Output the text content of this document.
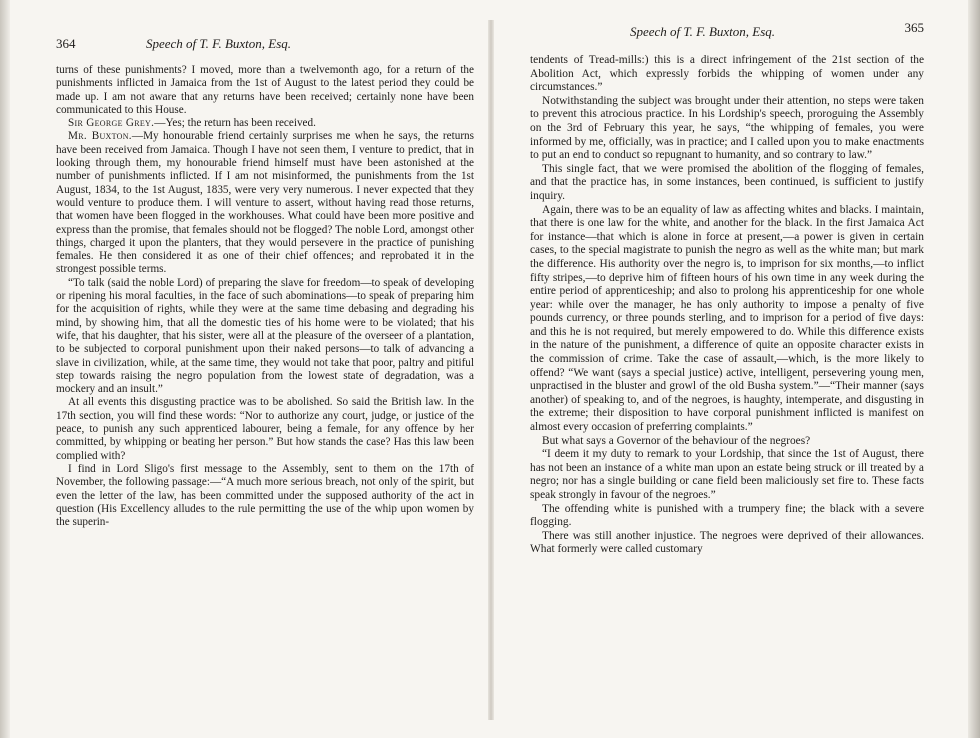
364	Speech of T. F. Buxton, Esq.

turns of these punishments? I moved, more than a twelvemonth ago, for a return of the punishments inflicted in Jamaica from the 1st of August to the latest period they could be made up. I am not aware that any returns have been received; certainly none have been communicated to this House.

Sir George Grey.—Yes; the return has been received.

Mr. Buxton.—My honourable friend certainly surprises me when he says, the returns have been received from Jamaica. Though I have not seen them, I venture to predict, that in looking through them, my honourable friend himself must have been astonished at the number of punishments inflicted. If I am not misinformed, the punishments from the 1st August, 1834, to the 1st August, 1835, were very very numerous. I never expected that they would venture to produce them. I will venture to assert, without having read those returns, that women have been flogged in the workhouses. What could have been more positive and express than the promise, that females should not be flogged? The noble Lord, amongst other things, charged it upon the planters, that they would persevere in the practice of punishing females. He then considered it as one of their chief offences; and reprobated it in the strongest possible terms.

“To talk (said the noble Lord) of preparing the slave for freedom—to speak of developing or ripening his moral faculties, in the face of such abominations—to speak of preparing him for the acquisition of rights, while they were at the same time debasing and degrading his mind, by showing him, that all the domestic ties of his home were to be violated; that his wife, that his daughter, that his sister, were all at the pleasure of the overseer of a plantation, to be subjected to corporal punishment upon their naked persons—to talk of advancing a slave in civilization, while, at the same time, they would not take that poor, paltry and pitiful step towards raising the negro population from the lowest state of degradation, was a mockery and an insult.”

At all events this disgusting practice was to be abolished. So said the British law. In the 17th section, you will find these words: “Nor to authorize any court, judge, or justice of the peace, to punish any such apprenticed labourer, being a female, for any offence by her committed, by whipping or beating her person.” But how stands the case? Has this law been complied with?

I find in Lord Sligo's first message to the Assembly, sent to them on the 17th of November, the following passage:—“A much more serious breach, not only of the spirit, but even the letter of the law, has been committed under the supposed authority of the act in question (His Excellency alludes to the rule permitting the use of the whip upon women by the superin-

Speech of T. F. Buxton, Esq.	365

tendents of Tread-mills:) this is a direct infringement of the 21st section of the Abolition Act, which expressly forbids the whipping of women under any circumstances.”

Notwithstanding the subject was brought under their attention, no steps were taken to prevent this atrocious practice. In his Lordship's speech, proroguing the Assembly on the 3rd of February this year, he says, “the whipping of females, you were informed by me, officially, was in practice; and I called upon you to make enactments to put an end to conduct so repugnant to humanity, and so contrary to law.”

This single fact, that we were promised the abolition of the flogging of females, and that the practice has, in some instances, been continued, is sufficient to justify inquiry.

Again, there was to be an equality of law as affecting whites and blacks. I maintain, that there is one law for the white, and another for the black. In the first Jamaica Act for instance—that which is alone in force at present,—a power is given in certain cases, to the special magistrate to punish the negro as well as the white man; but mark the difference. His authority over the negro is, to imprison for six months,—to inflict fifty stripes,—to deprive him of fifteen hours of his own time in any week during the entire period of apprenticeship; and also to prolong his apprenticeship for one whole year: while over the manager, he has only authority to impose a penalty of five pounds currency, or three pounds sterling, and to imprison for a period of five days: and this he is not required, but merely empowered to do. While this difference exists in the nature of the punishment, a difference of quite an opposite character exists in the commission of crime. Take the case of assault,—which, is the more likely to offend? “We want (says a special justice) active, intelligent, persevering young men, unpractised in the bluster and growl of the old Busha system.”—“Their manner (says another) of speaking to, and of the negroes, is haughty, intemperate, and disgusting in the extreme; their disposition to have corporal punishment inflicted is manifest on almost every occasion of preferring complaints.”

But what says a Governor of the behaviour of the negroes?

“I deem it my duty to remark to your Lordship, that since the 1st of August, there has not been an instance of a white man upon an estate being struck or ill treated by a negro; nor has a single building or cane field been maliciously set fire to. These facts speak strongly in favour of the negroes.”

The offending white is punished with a trumpery fine; the black with a severe flogging.

There was still another injustice. The negroes were deprived of their allowances. What formerly were called customary
